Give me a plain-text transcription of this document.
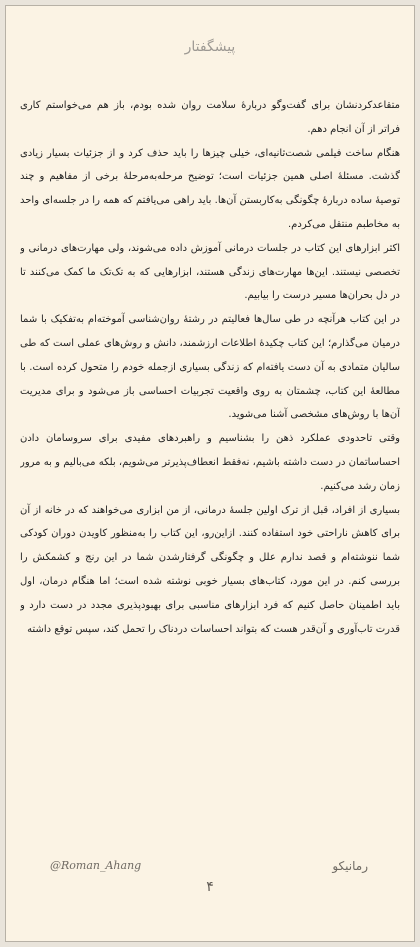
پیشگفتار

متقاعدکردنشان برای گفت‌وگو دربارهٔ سلامت روان شده بودم، باز هم می‌خواستم کاری فراتر از آن انجام دهم.

هنگام ساخت فیلمی شصت‌ثانیه‌ای، خیلی چیزها را باید حذف کرد و از جزئیات بسیار زیادی گذشت. مسئلهٔ اصلی همین جزئیات است؛ توضیح مرحله‌به‌مرحلهٔ برخی از مفاهیم و چند توصیهٔ ساده دربارهٔ چگونگی به‌کاربستن آن‌ها. باید راهی می‌یافتم که همه را در جلسه‌ای واحد به مخاطبم منتقل می‌کردم.

اکثر ابزارهای این کتاب در جلسات درمانی آموزش داده می‌شوند، ولی مهارت‌های درمانی و تخصصی نیستند. این‌ها مهارت‌های زندگی هستند، ابزارهایی که به تک‌تک ما کمک می‌کنند تا در دل بحران‌ها مسیر درست را بیابیم.

در این کتاب هرآنچه در طی سال‌ها فعالیتم در رشتهٔ روان‌شناسی آموخته‌ام به‌تفکیک با شما درمیان می‌گذارم؛ این کتاب چکیدهٔ اطلاعات ارزشمند، دانش و روش‌های عملی است که طی سالیان متمادی به آن دست یافته‌ام که زندگی بسیاری ازجمله خودم را متحول کرده است. با مطالعهٔ این کتاب، چشمتان به روی واقعیت تجربیات احساسی باز می‌شود و برای مدیریت آن‌ها با روش‌های مشخصی آشنا می‌شوید.

وقتی تاحدودی عملکرد ذهن را بشناسیم و راهبردهای مفیدی برای سروسامان دادن احساساتمان در دست داشته باشیم، نه‌فقط انعطاف‌پذیرتر می‌شویم، بلکه می‌بالیم و به مرور زمان رشد می‌کنیم.

بسیاری از افراد، قبل از ترک اولین جلسهٔ درمانی، از من ابزاری می‌خواهند که در خانه از آن برای کاهش ناراحتی خود استفاده کنند. ازاین‌رو، این کتاب را به‌منظور کاویدن دوران کودکی شما ننوشته‌ام و قصد ندارم علل و چگونگی گرفتارشدن شما در این رنج و کشمکش را بررسی کنم. در این مورد، کتاب‌های بسیار خوبی نوشته شده است؛ اما هنگام درمان، اول باید اطمینان حاصل کنیم که فرد ابزارهای مناسبی برای بهبودپذیری مجدد در دست دارد و قدرت تاب‌آوری و آن‌قدر هست که بتواند احساسات دردناک را تحمل کند، سپس توقع داشته

@Roman_Ahang	رمانیکو
۴
